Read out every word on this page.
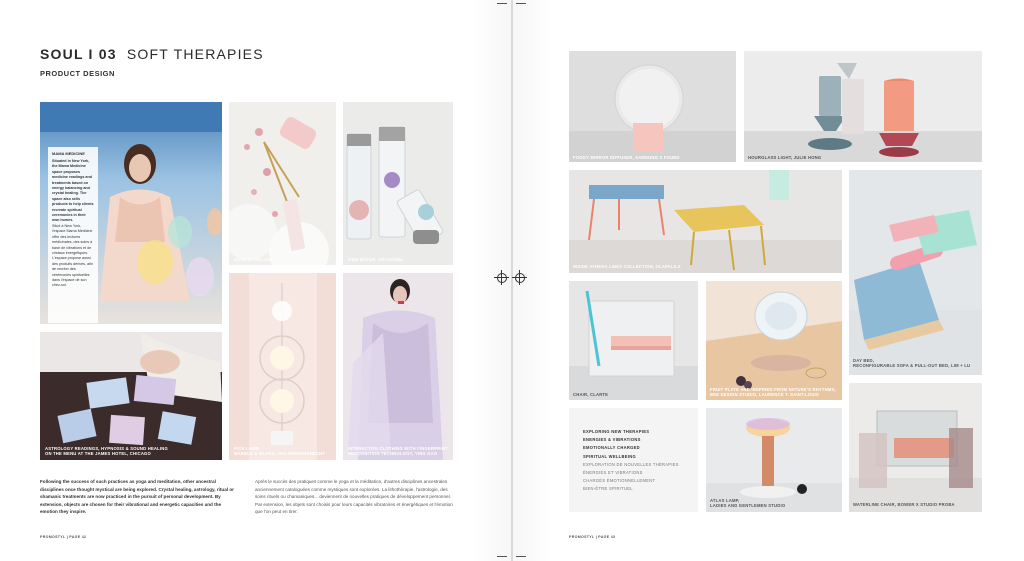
SOUL I 03 SOFT THERAPIES
PRODUCT DESIGN
MAMA MEDICINE

Situated in New York, the Mama Medicine space proposes medicine readings and treatments based on energy balancing and crystal healing. The space also sells products to help clients recreate spiritual ceremonies in their own homes.

Situé à New York, l'espace Mama Medicine offre des lectures médicinales, des soins à base de vibrations et de cristaux énergétiques. L'espace propose aussi des produits dérivés, afin de recréer des cérémonies spirituelles dans l'espace de son chez-soi.

QUARTZ ROLLER	GEM WATER, VITAJUWEL
ASTROLOGY READINGS, HYPNOSIS & SOUND HEALING
ON THE MENU AT THE JAMES HOTEL, CHICAGO
PICK LAMP,
MARBLE & GLASS, JOA HERRENKNECHT
INTERACTIVE CLOTHING WITH FINGERPRINT
RECOGNITION TECHNOLOGY, YING GAO
Following the success of such practices as yoga and meditation, other ancestral disciplines once thought mystical are being explored. Crystal healing, astrology, ritual or shamanic treatments are now practiced in the pursuit of personal development. By extension, objects are chosen for their vibrational and energetic capacities and the emotion they inspire.
Après le succès des pratiques comme le yoga et la méditation, d'autres disciplines ancestrales anciennement cataloguées comme mystiques sont explorées. La lithothérapie, l'astrologie, des soins rituels ou chamaniques... deviennent de nouvelles pratiques de développement personnel. Par extension, les objets sont choisis pour leurs capacités vibratoires et énergétiques et l'émotion que l'on peut en tirer.
PROMOSTYL | PAGE 42
FOGGY MIRROR DIFFUSER, SAMSUNG X FOUND	HOURGLASS LIGHT, JULIE HONG
INSIDE ATHENA LINES COLLECTION, OLAPALILS
DAY BED,
RECONFIGURABLE SOFA & PULL-OUT BED, LIM + LU
CHAIR, CLARTE
FRUIT PLATE AND INSPIRED FROM NATURE'S RHYTHMS,
BEE DESIGN STUDIO, LAURENCE T. SAINT-LOUIS
EXPLORING NEW THERAPIES
ENERGIES & VIBRATIONS
EMOTIONALLY CHARGED
SPIRITUAL WELLBEING
EXPLORATION DE NOUVELLES THÉRAPIES
ÉNERGIES ET VIBRATIONS
CHARGÉS ÉMOTIONNELLEMENT
BIEN-ÊTRE SPIRITUEL
ATLAS LAMP,
LADIES AND GENTLEMEN STUDIO	WATERLINE CHAIR, BOWER X STUDIO PROBA
PROMOSTYL | PAGE 43
